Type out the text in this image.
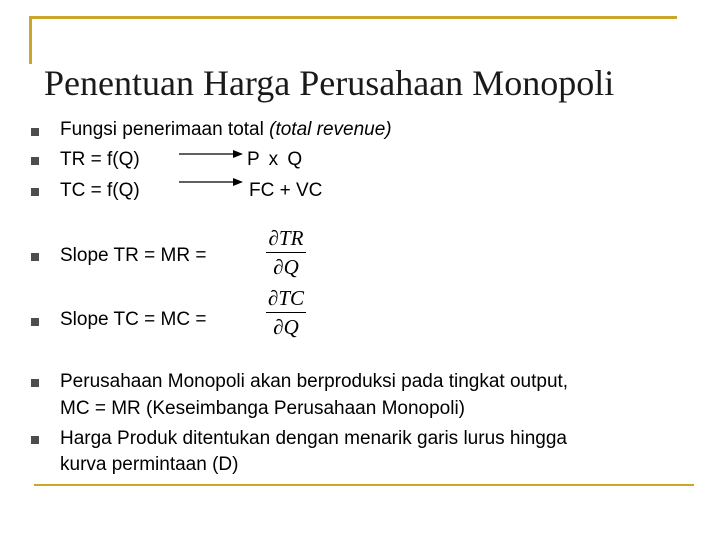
Penentuan Harga Perusahaan Monopoli
Fungsi penerimaan total (total revenue)
TR = f(Q)	P x Q
TC = f(Q)	FC + VC
Slope TR = MR =
∂TR
∂Q
Slope TC = MC =
∂TC
∂Q
Perusahaan Monopoli akan berproduksi pada tingkat output,
MC = MR (Keseimbanga Perusahaan Monopoli)
Harga Produk ditentukan dengan menarik garis lurus hingga
kurva permintaan (D)
